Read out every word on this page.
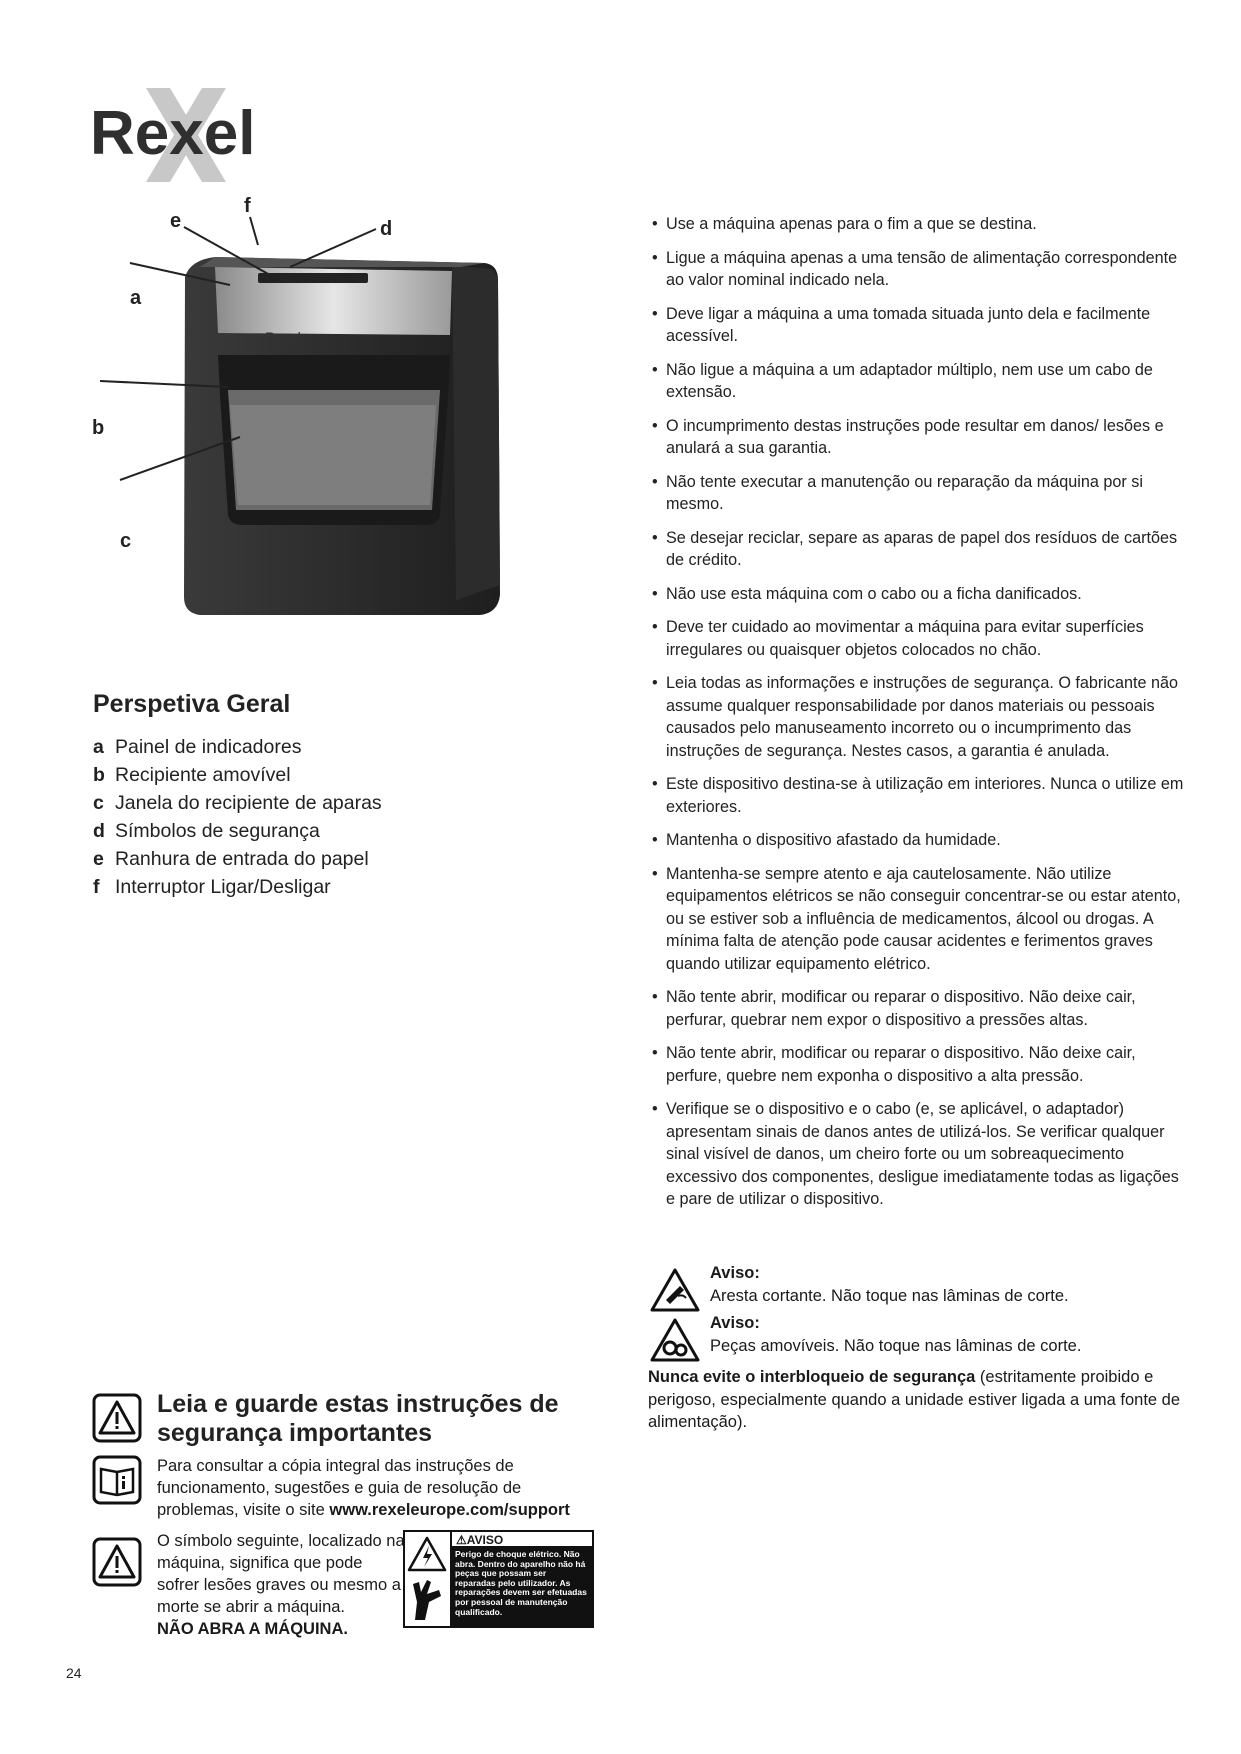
Rexel
Rexel
e
f
d
a
b
c
Perspetiva Geral
a Painel de indicadores
b Recipiente amovível
c Janela do recipiente de aparas
d Símbolos de segurança
e Ranhura de entrada do papel
f Interruptor Ligar/Desligar

• Use a máquina apenas para o fim a que se destina.

• Ligue a máquina apenas a uma tensão de alimentação correspondente ao valor nominal indicado nela.

• Deve ligar a máquina a uma tomada situada junto dela e facilmente acessível.

• Não ligue a máquina a um adaptador múltiplo, nem use um cabo de extensão.

• O incumprimento destas instruções pode resultar em danos/ lesões e anulará a sua garantia.

• Não tente executar a manutenção ou reparação da máquina por si mesmo.

• Se desejar reciclar, separe as aparas de papel dos resíduos de cartões de crédito.

• Não use esta máquina com o cabo ou a ficha danificados.

• Deve ter cuidado ao movimentar a máquina para evitar superfícies irregulares ou quaisquer objetos colocados no chão.

• Leia todas as informações e instruções de segurança. O fabricante não assume qualquer responsabilidade por danos materiais ou pessoais causados pelo manuseamento incorreto ou o incumprimento das instruções de segurança. Nestes casos, a garantia é anulada.

• Este dispositivo destina-se à utilização em interiores. Nunca o utilize em exteriores.

• Mantenha o dispositivo afastado da humidade.

• Mantenha-se sempre atento e aja cautelosamente. Não utilize equipamentos elétricos se não conseguir concentrar-se ou estar atento, ou se estiver sob a influência de medicamentos, álcool ou drogas. A mínima falta de atenção pode causar acidentes e ferimentos graves quando utilizar equipamento elétrico.

• Não tente abrir, modificar ou reparar o dispositivo. Não deixe cair, perfurar, quebrar nem expor o dispositivo a pressões altas.

• Não tente abrir, modificar ou reparar o dispositivo. Não deixe cair, perfure, quebre nem exponha o dispositivo a alta pressão.

• Verifique se o dispositivo e o cabo (e, se aplicável, o adaptador) apresentam sinais de danos antes de utilizá-los. Se verificar qualquer sinal visível de danos, um cheiro forte ou um sobreaquecimento excessivo dos componentes, desligue imediatamente todas as ligações e pare de utilizar o dispositivo.

Aviso:
Aresta cortante. Não toque nas lâminas de corte.
Aviso:
Peças amovíveis. Não toque nas lâminas de corte.
Nunca evite o interbloqueio de segurança (estritamente proibido e perigoso, especialmente quando a unidade estiver ligada a uma fonte de alimentação).
Leia e guarde estas instruções de segurança importantes
Para consultar a cópia integral das instruções de funcionamento, sugestões e guia de resolução de problemas, visite o site www.rexeleurope.com/support
O símbolo seguinte, localizado na máquina, significa que pode sofrer lesões graves ou mesmo a morte se abrir a máquina.
NÃO ABRA A MÁQUINA.
⚠AVISO
Perigo de choque elétrico. Não abra. Dentro do aparelho não há peças que possam ser reparadas pelo utilizador. As reparações devem ser efetuadas por pessoal de manutenção qualificado.
24
